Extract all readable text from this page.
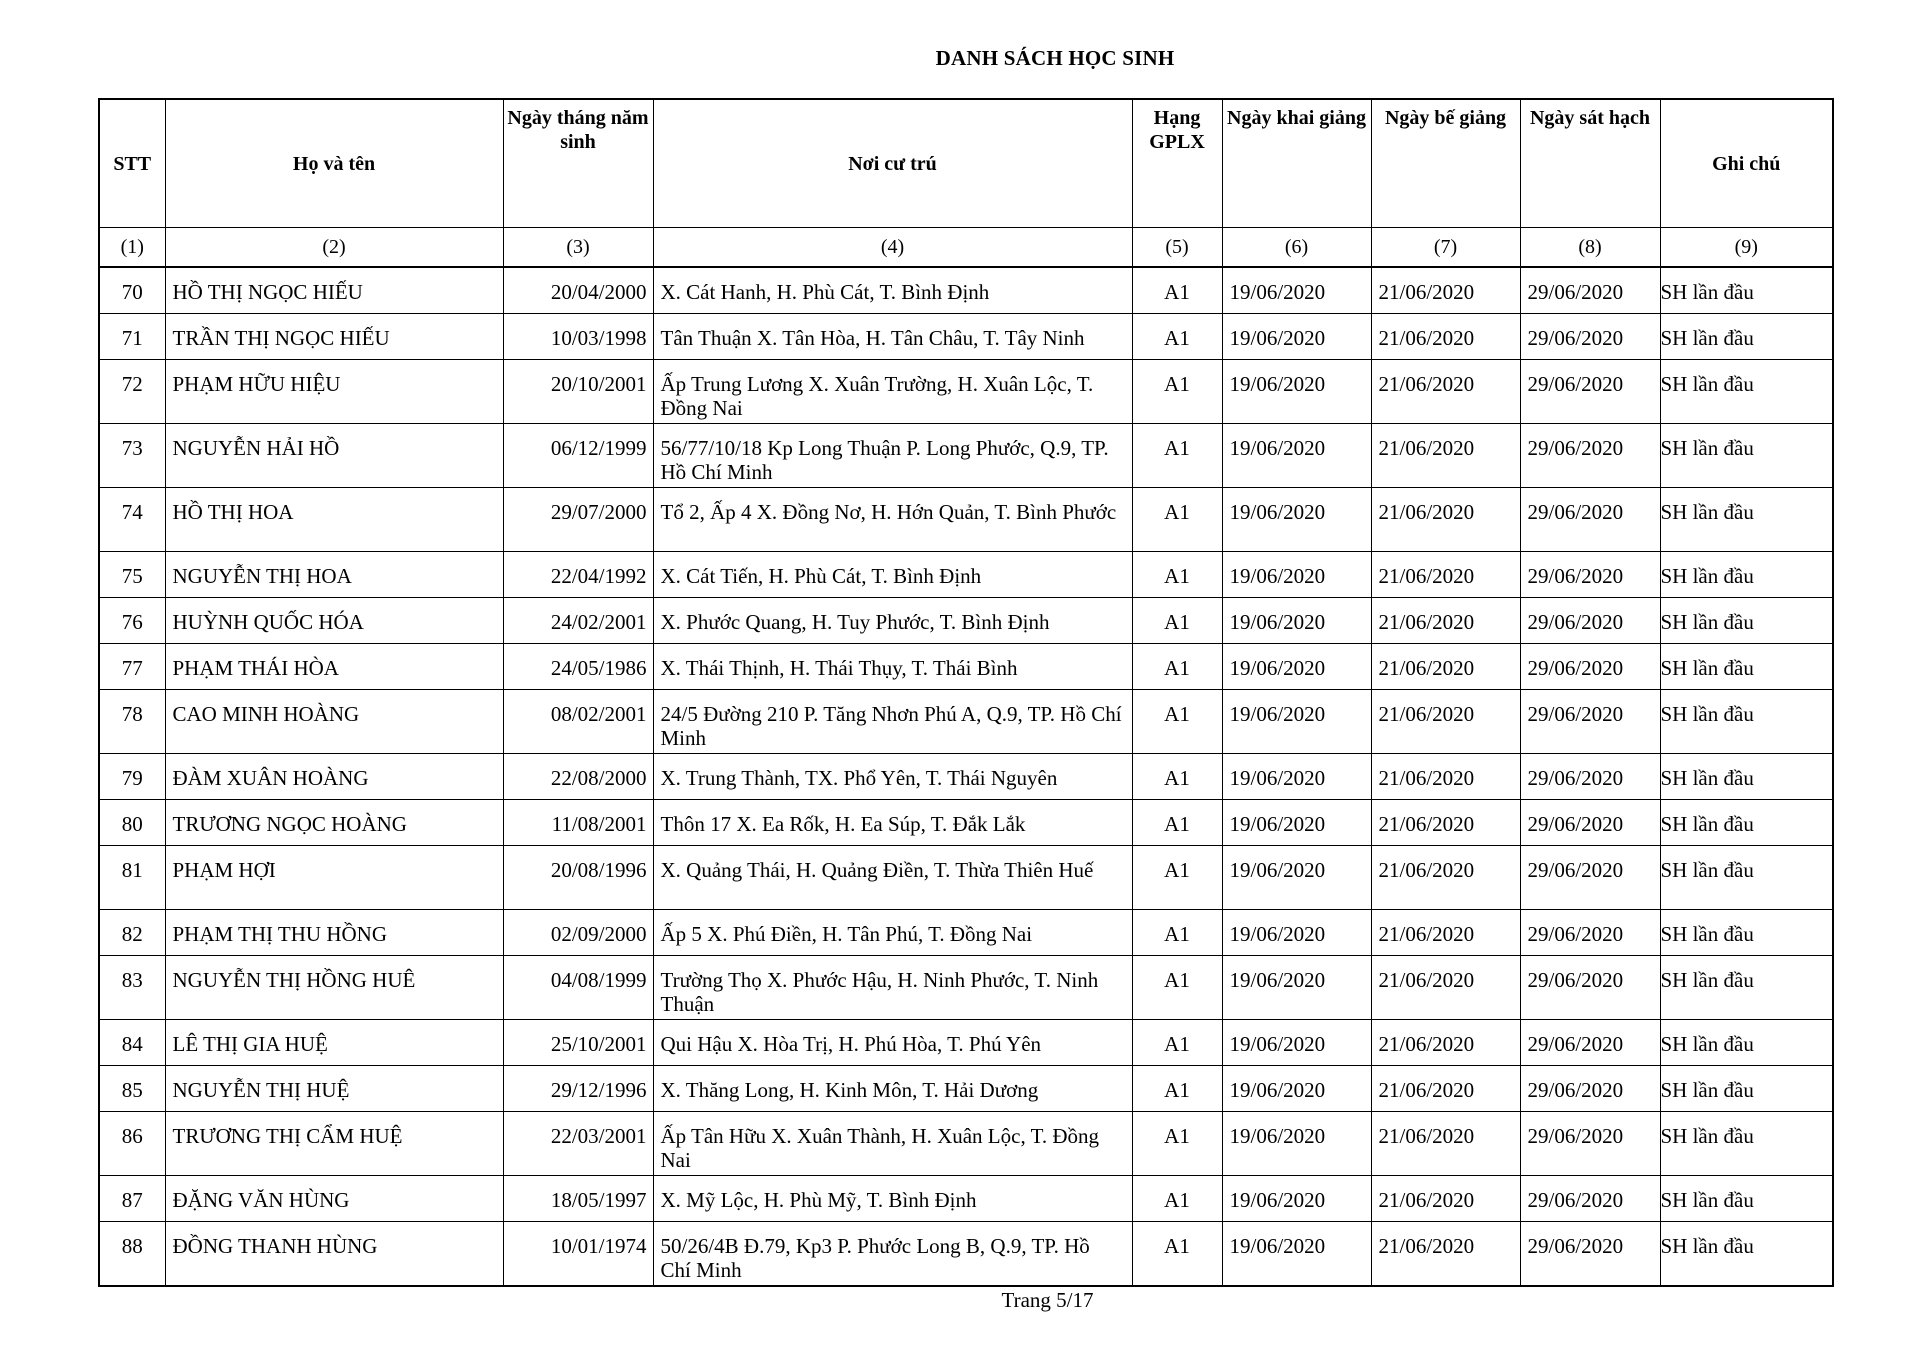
DANH SÁCH HỌC SINH
STT	Họ và tên	Ngày tháng năm sinh	Nơi cư trú	Hạng GPLX	Ngày khai giảng	Ngày bế giảng	Ngày sát hạch	Ghi chú
(1)	(2)	(3)	(4)	(5)	(6)	(7)	(8)	(9)
70	HỒ THỊ NGỌC HIẾU	20/04/2000	X. Cát Hanh, H. Phù Cát, T. Bình Định	A1	19/06/2020	21/06/2020	29/06/2020	SH lần đầu
71	TRẦN THỊ NGỌC HIẾU	10/03/1998	Tân Thuận X. Tân Hòa, H. Tân Châu, T. Tây Ninh	A1	19/06/2020	21/06/2020	29/06/2020	SH lần đầu
72	PHẠM HỮU HIỆU	20/10/2001	Ấp Trung Lương X. Xuân Trường, H. Xuân Lộc, T. Đồng Nai	A1	19/06/2020	21/06/2020	29/06/2020	SH lần đầu
73	NGUYỄN HẢI HỒ	06/12/1999	56/77/10/18 Kp Long Thuận P. Long Phước, Q.9, TP. Hồ Chí Minh	A1	19/06/2020	21/06/2020	29/06/2020	SH lần đầu
74	HỒ THỊ HOA	29/07/2000	Tổ 2, Ấp 4 X. Đồng Nơ, H. Hớn Quản, T. Bình Phước	A1	19/06/2020	21/06/2020	29/06/2020	SH lần đầu
75	NGUYỄN THỊ HOA	22/04/1992	X. Cát Tiến, H. Phù Cát, T. Bình Định	A1	19/06/2020	21/06/2020	29/06/2020	SH lần đầu
76	HUỲNH QUỐC HÓA	24/02/2001	X. Phước Quang, H. Tuy Phước, T. Bình Định	A1	19/06/2020	21/06/2020	29/06/2020	SH lần đầu
77	PHẠM THÁI HÒA	24/05/1986	X. Thái Thịnh, H. Thái Thụy, T. Thái Bình	A1	19/06/2020	21/06/2020	29/06/2020	SH lần đầu
78	CAO MINH HOÀNG	08/02/2001	24/5 Đường 210 P. Tăng Nhơn Phú A, Q.9, TP. Hồ Chí Minh	A1	19/06/2020	21/06/2020	29/06/2020	SH lần đầu
79	ĐÀM XUÂN HOÀNG	22/08/2000	X. Trung Thành, TX. Phổ Yên, T. Thái Nguyên	A1	19/06/2020	21/06/2020	29/06/2020	SH lần đầu
80	TRƯƠNG NGỌC HOÀNG	11/08/2001	Thôn 17 X. Ea Rốk, H. Ea Súp, T. Đắk Lắk	A1	19/06/2020	21/06/2020	29/06/2020	SH lần đầu
81	PHẠM HỢI	20/08/1996	X. Quảng Thái, H. Quảng Điền, T. Thừa Thiên Huế	A1	19/06/2020	21/06/2020	29/06/2020	SH lần đầu
82	PHẠM THỊ THU HỒNG	02/09/2000	Ấp 5 X. Phú Điền, H. Tân Phú, T. Đồng Nai	A1	19/06/2020	21/06/2020	29/06/2020	SH lần đầu
83	NGUYỄN THỊ HỒNG HUÊ	04/08/1999	Trường Thọ X. Phước Hậu, H. Ninh Phước, T. Ninh Thuận	A1	19/06/2020	21/06/2020	29/06/2020	SH lần đầu
84	LÊ THỊ GIA HUỆ	25/10/2001	Qui Hậu X. Hòa Trị, H. Phú Hòa, T. Phú Yên	A1	19/06/2020	21/06/2020	29/06/2020	SH lần đầu
85	NGUYỄN THỊ HUỆ	29/12/1996	X. Thăng Long, H. Kinh Môn, T. Hải Dương	A1	19/06/2020	21/06/2020	29/06/2020	SH lần đầu
86	TRƯƠNG THỊ CẨM HUỆ	22/03/2001	Ấp Tân Hữu X. Xuân Thành, H. Xuân Lộc, T. Đồng Nai	A1	19/06/2020	21/06/2020	29/06/2020	SH lần đầu
87	ĐẶNG VĂN HÙNG	18/05/1997	X. Mỹ Lộc, H. Phù Mỹ, T. Bình Định	A1	19/06/2020	21/06/2020	29/06/2020	SH lần đầu
88	ĐỒNG THANH HÙNG	10/01/1974	50/26/4B Đ.79, Kp3 P. Phước Long B, Q.9, TP. Hồ Chí Minh	A1	19/06/2020	21/06/2020	29/06/2020	SH lần đầu
Trang 5/17
